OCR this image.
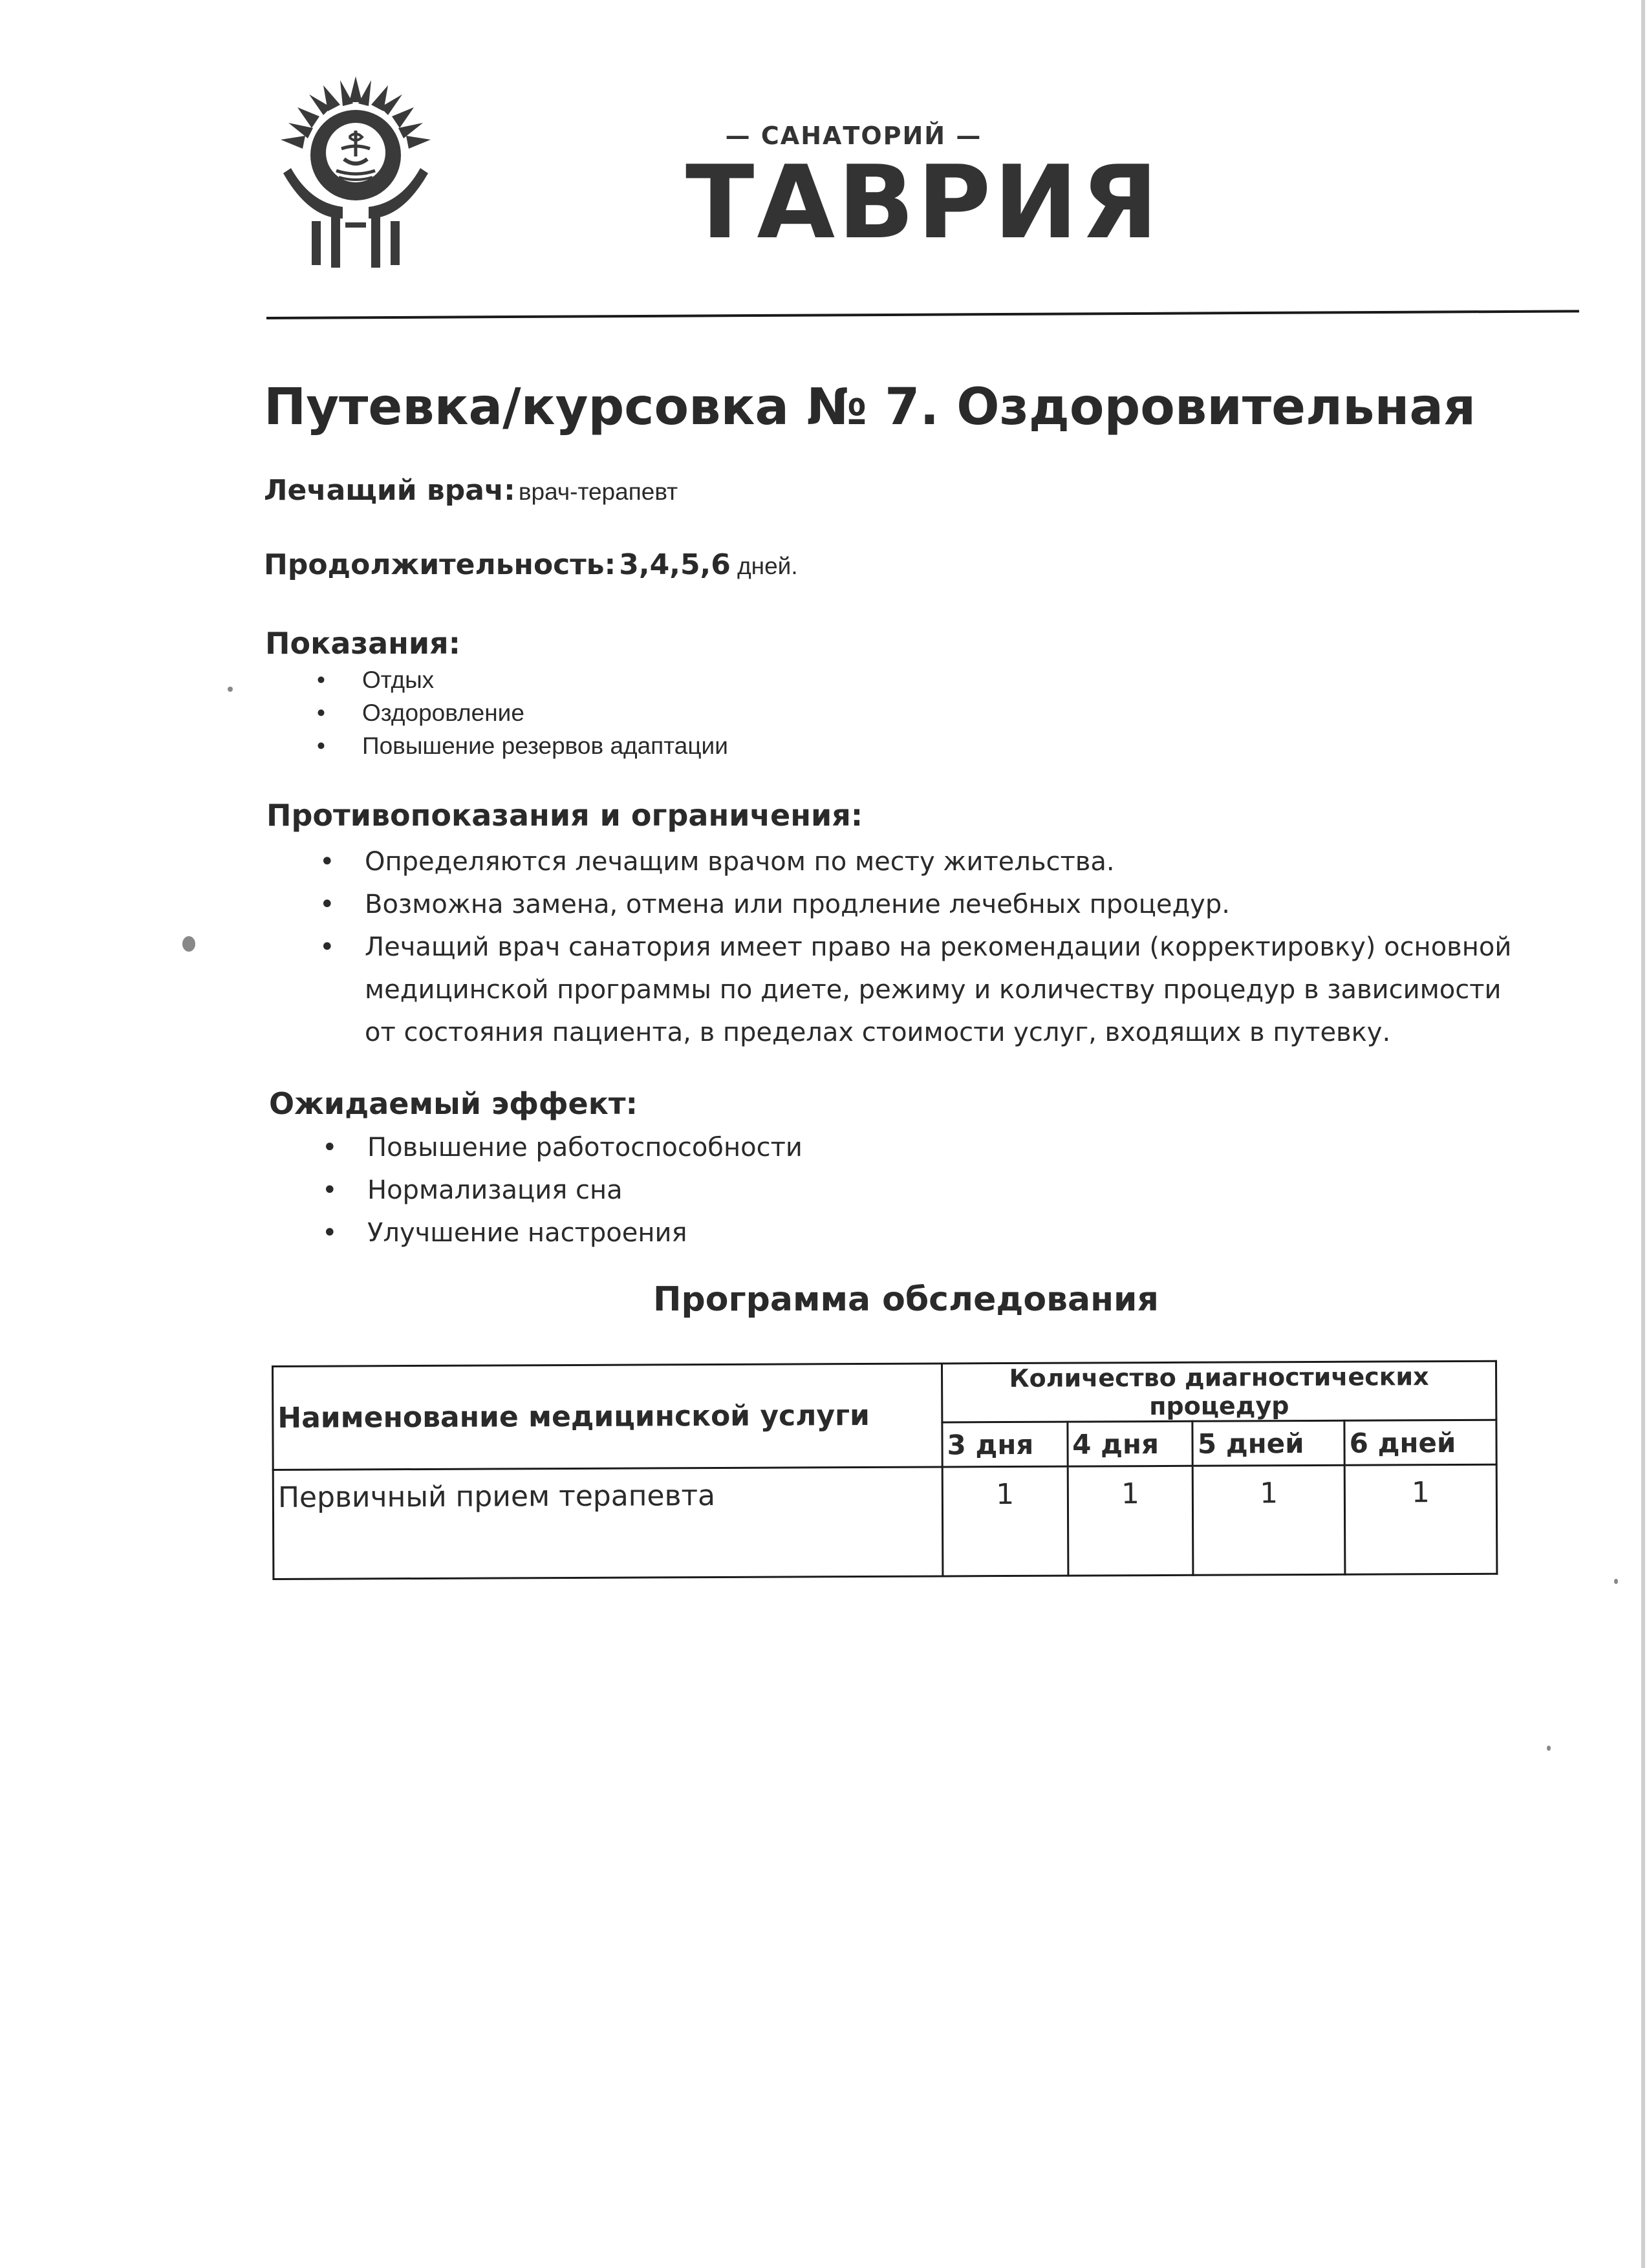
— САНАТОРИЙ —
ТАВРИЯ
Путевка/курсовка № 7. Оздоровительная
Лечащий врач: врач-терапевт
Продолжительность: 3,4,5,6 дней.
Показания:
• Отдых
• Оздоровление
• Повышение резервов адаптации
Противопоказания и ограничения:
• Определяются лечащим врачом по месту жительства.
• Возможна замена, отмена или продление лечебных процедур.
• Лечащий врач санатория имеет право на рекомендации (корректировку) основной
медицинской программы по диете, режиму и количеству процедур в зависимости
от состояния пациента, в пределах стоимости услуг, входящих в путевку.
Ожидаемый эффект:
• Повышение работоспособности
• Нормализация сна
• Улучшение настроения
Программа обследования
Наименование медицинской услуги	Количество диагностических процедур			
	3 дня	4 дня	5 дней	6 дней
Первичный прием терапевта	1	1	1	1
